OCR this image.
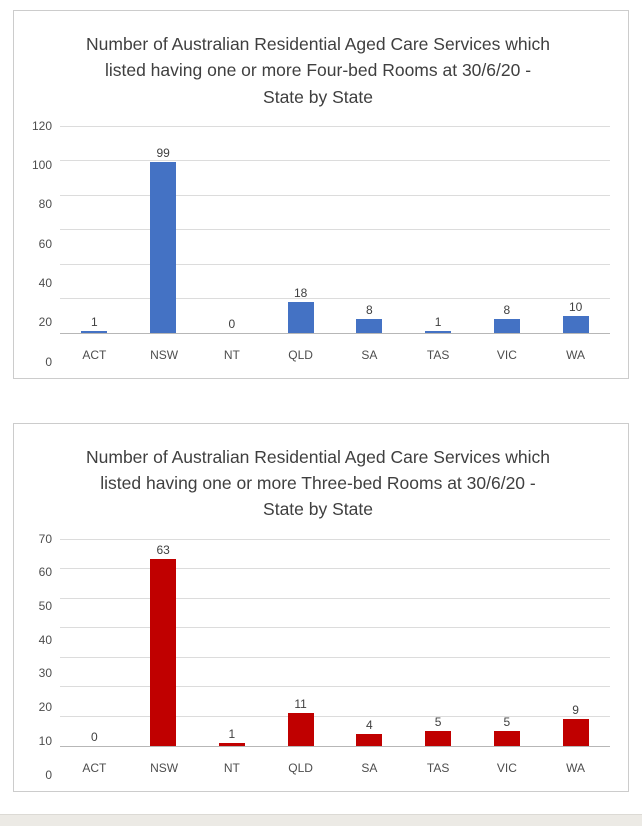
Number of Australian Residential Aged Care Services which listed having one or more Four-bed Rooms at 30/6/20 - State by State
120
100
80
60
40
20
0
1
99
0
18
8
1
8	10
ACT	NSW	NT	QLD	SA	TAS	VIC	WA
Number of Australian Residential Aged Care Services which listed having one or more Three-bed Rooms at 30/6/20 - State by State
70
60
50
40
30
20
10
0
0
63
1
11
4	5	5
9
ACT	NSW	NT	QLD	SA	TAS	VIC	WA
